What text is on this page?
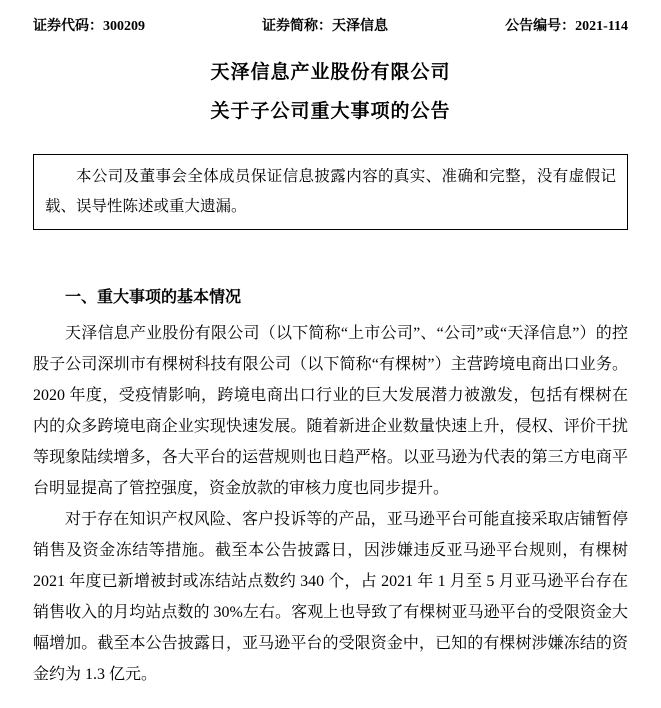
证券代码：300209	证券简称：天泽信息	公告编号：2021-114
天泽信息产业股份有限公司
关于子公司重大事项的公告
本公司及董事会全体成员保证信息披露内容的真实、准确和完整，没有虚假记载、误导性陈述或重大遗漏。
一、重大事项的基本情况

天泽信息产业股份有限公司（以下简称“上市公司”、“公司”或“天泽信息”）的控股子公司深圳市有棵树科技有限公司（以下简称“有棵树”）主营跨境电商出口业务。2020 年度，受疫情影响，跨境电商出口行业的巨大发展潜力被激发，包括有棵树在内的众多跨境电商企业实现快速发展。随着新进企业数量快速上升，侵权、评价干扰等现象陆续增多，各大平台的运营规则也日趋严格。以亚马逊为代表的第三方电商平台明显提高了管控强度，资金放款的审核力度也同步提升。

对于存在知识产权风险、客户投诉等的产品，亚马逊平台可能直接采取店铺暂停销售及资金冻结等措施。截至本公告披露日，因涉嫌违反亚马逊平台规则，有棵树 2021 年度已新增被封或冻结站点数约 340 个，占 2021 年 1 月至 5 月亚马逊平台存在销售收入的月均站点数的 30%左右。客观上也导致了有棵树亚马逊平台的受限资金大幅增加。截至本公告披露日，亚马逊平台的受限资金中，已知的有棵树涉嫌冻结的资金约为 1.3 亿元。
